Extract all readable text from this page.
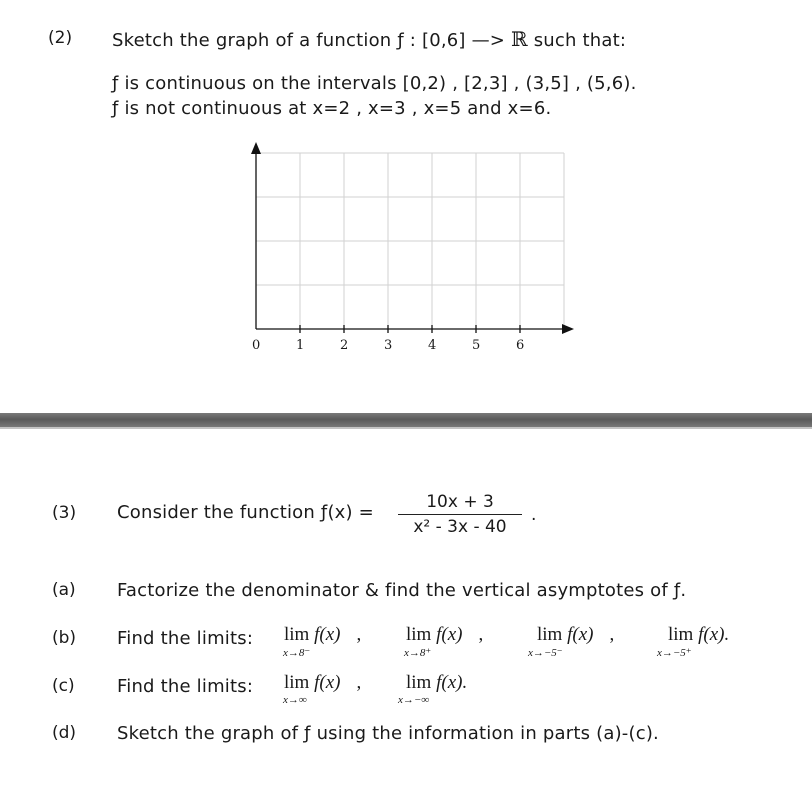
(2) Sketch the graph of a function ƒ : [0,6] —> ℝ such that:
ƒ is continuous on the intervals [0,2) , [2,3] , (3,5] , (5,6).
ƒ is not continuous at x=2 , x=3 , x=5 and x=6.
0	1	2	3	4	5	6
(3) Consider the function ƒ(x) =	10x + 3
x² - 3x - 40
.
(a) Factorize the denominator & find the vertical asymptotes of ƒ.
(b) Find the limits:
(c) Find the limits:
(d) Sketch the graph of ƒ using the information in parts (a)-(c).
lim f(x) ,
x→8⁻
lim f(x) ,
x→8⁺
lim f(x) ,
x→−5⁻
lim f(x).
x→−5⁺
lim f(x) ,
x→∞
lim f(x).
x→−∞
